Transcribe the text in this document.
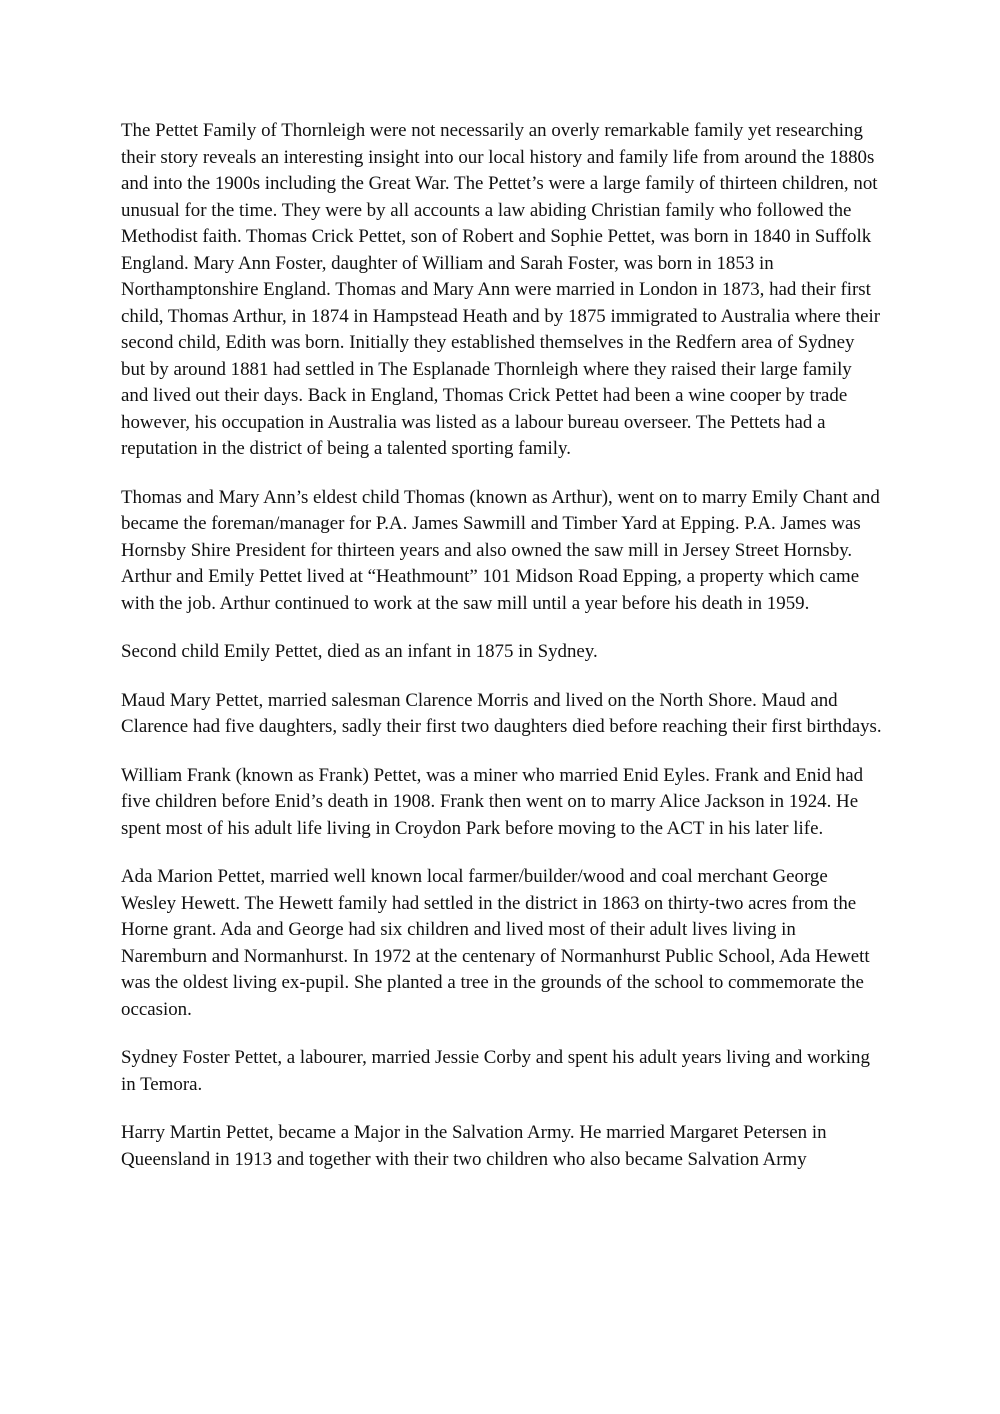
The Pettet Family of Thornleigh were not necessarily an overly remarkable family yet researching their story reveals an interesting insight into our local history and family life from around the 1880s and into the 1900s including the Great War. The Pettet’s were a large family of thirteen children, not unusual for the time. They were by all accounts a law abiding Christian family who followed the Methodist faith. Thomas Crick Pettet, son of Robert and Sophie Pettet, was born in 1840 in Suffolk England. Mary Ann Foster, daughter of William and Sarah Foster, was born in 1853 in Northamptonshire England. Thomas and Mary Ann were married in London in 1873, had their first child, Thomas Arthur, in 1874 in Hampstead Heath and by 1875 immigrated to Australia where their second child, Edith was born. Initially they established themselves in the Redfern area of Sydney but by around 1881 had settled in The Esplanade Thornleigh where they raised their large family and lived out their days. Back in England, Thomas Crick Pettet had been a wine cooper by trade however, his occupation in Australia was listed as a labour bureau overseer. The Pettets had a reputation in the district of being a talented sporting family.

Thomas and Mary Ann’s eldest child Thomas (known as Arthur), went on to marry Emily Chant and became the foreman/manager for P.A. James Sawmill and Timber Yard at Epping. P.A. James was Hornsby Shire President for thirteen years and also owned the saw mill in Jersey Street Hornsby. Arthur and Emily Pettet lived at “Heathmount” 101 Midson Road Epping, a property which came with the job. Arthur continued to work at the saw mill until a year before his death in 1959.

Second child Emily Pettet, died as an infant in 1875 in Sydney.

Maud Mary Pettet, married salesman Clarence Morris and lived on the North Shore. Maud and Clarence had five daughters, sadly their first two daughters died before reaching their first birthdays.

William Frank (known as Frank) Pettet, was a miner who married Enid Eyles. Frank and Enid had five children before Enid’s death in 1908. Frank then went on to marry Alice Jackson in 1924. He spent most of his adult life living in Croydon Park before moving to the ACT in his later life.

Ada Marion Pettet, married well known local farmer/builder/wood and coal merchant George Wesley Hewett. The Hewett family had settled in the district in 1863 on thirty-two acres from the Horne grant. Ada and George had six children and lived most of their adult lives living in Naremburn and Normanhurst. In 1972 at the centenary of Normanhurst Public School, Ada Hewett was the oldest living ex-pupil. She planted a tree in the grounds of the school to commemorate the occasion.

Sydney Foster Pettet, a labourer, married Jessie Corby and spent his adult years living and working in Temora.

Harry Martin Pettet, became a Major in the Salvation Army. He married Margaret Petersen in Queensland in 1913 and together with their two children who also became Salvation Army
